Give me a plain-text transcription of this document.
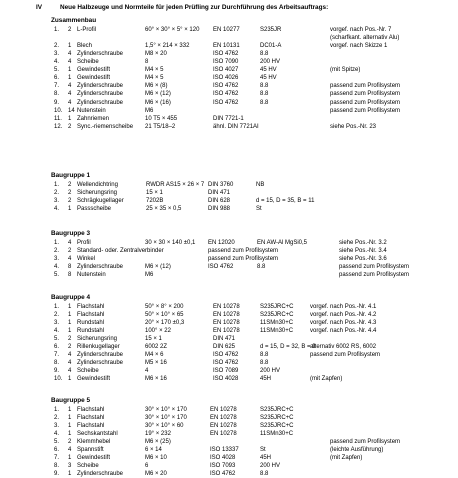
IV	Neue Halbzeuge und Normteile für jeden Prüfling zur Durchführung des Arbeitsauftrags:
Zusammenbau
1. 2 L-Profil	60° × 30° × 5° × 120 EN 10277	S235JR	vorgef. nach Pos.-Nr. 7
(scharfkant. alternativ Alu)
2. 1 Blech	1,5° × 214 × 332	EN 10131	DC01-A	vorgef. nach Skizze 1
3. 4 Zylinderschraube	M8 × 20	ISO 4762	8.8
4. 4 Scheibe	8	ISO 7090	200 HV
5. 1 Gewindestift	M4 × 5	ISO 4027	45 HV	(mit Spitze)
6. 1 Gewindestift	M4 × 5	ISO 4026	45 HV
7. 4 Zylinderschraube	M6 × (8)	ISO 4762	8.8	passend zum Profilsystem
8. 4 Zylinderschraube	M6 × (12)	ISO 4762	8.8	passend zum Profilsystem
9. 4 Zylinderschraube	M6 × (16)	ISO 4762	8.8	passend zum Profilsystem
10. 14 Nutenstein	M6	passend zum Profilsystem
11. 1 Zahnriemen	10 T5 × 455	DIN 7721-1
12. 2 Sync.-riemenscheibe 21 T5/18–2	ähnl. DIN 7721AI	siehe Pos.-Nr. 23
Baugruppe 1
1. 2 Wellendichtring	RWDR AS15 × 26 × 7 DIN 3760	NB
2. 2 Sicherungsring	15 × 1	DIN 471
3. 2 Schrägkugellager	7202B	DIN 628	d = 15, D = 35, B = 11
4. 1 Passscheibe	25 × 35 × 0,5	DIN 988	St
Baugruppe 3
1. 4 Profil	30 × 30 × 140 ±0,1 EN 12020	EN AW-Al MgSi0,5	siehe Pos.-Nr. 3.2
2. 2 Standard- oder. Zentralverbinder	passend zum Profilsystem	siehe Pos.-Nr. 3.4
3. 4 Winkel	passend zum Profilsystem	siehe Pos.-Nr. 3.6
4. 8 Zylinderschraube	M6 × (12)	ISO 4762	8.8	passend zum Profilsystem
5. 8 Nutenstein	M6	passend zum Profilsystem
Baugruppe 4
1. 1 Flachstahl	50° × 8° × 200	EN 10278	S235JRC+C	vorgef. nach Pos.-Nr. 4.1
2. 1 Flachstahl	50° × 10° × 65	EN 10278	S235JRC+C	vorgef. nach Pos.-Nr. 4.2
3. 1 Rundstahl	20° × 170 ±0,3	EN 10278	11SMn30+C	vorgef. nach Pos.-Nr. 4.3
4. 1 Rundstahl	100° × 22	EN 10278	11SMn30+C	vorgef. nach Pos.-Nr. 4.4
5. 2 Sicherungsring	15 × 1	DIN 471
6. 2 Rillenkugellager	6002 2Z	DIN 625	d = 15, D = 32, B = 9
alternativ 6002 RS, 6002
7. 4 Zylinderschraube	M4 × 6	ISO 4762	8.8	passend zum Profilsystem
8. 4 Zylinderschraube	M5 × 16	ISO 4762	8.8
9. 4 Scheibe	4	ISO 7089	200 HV
10. 1 Gewindestift	M6 × 16	ISO 4028	45H	(mit Zapfen)
Baugruppe 5
1. 1 Flachstahl	30° × 10° × 170	EN 10278	S235JRC+C
2. 1 Flachstahl	30° × 10° × 170	EN 10278	S235JRC+C
3. 1 Flachstahl	30° × 10° × 60	EN 10278	S235JRC+C
4. 1 Sechskantstahl	19° × 232	EN 10278	11SMn30+C
5. 2 Klemmhebel	M6 × (25)	passend zum Profilsystem
6. 4 Spannstift	6 × 14	ISO 13337	St	(leichte Ausführung)
7. 1 Gewindestift	M6 × 10	ISO 4028	45H	(mit Zapfen)
8. 3 Scheibe	6	ISO 7093	200 HV
9. 1 Zylinderschraube	M6 × 20	ISO 4762	8.8
